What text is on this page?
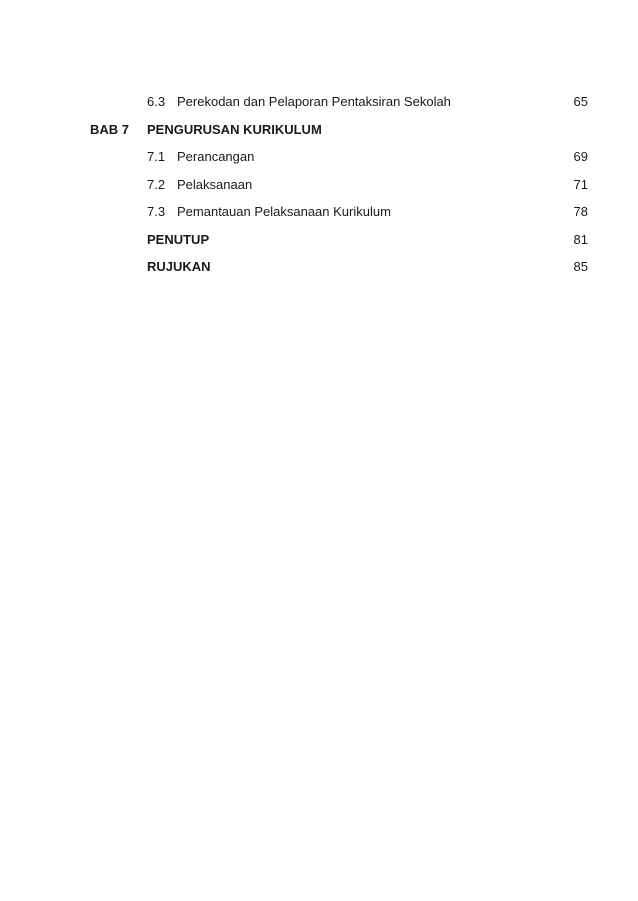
6.3 Perekodan dan Pelaporan Pentaksiran Sekolah	65
BAB 7	PENGURUSAN KURIKULUM
7.1 Perancangan	69
7.2 Pelaksanaan	71
7.3 Pemantauan Pelaksanaan Kurikulum	78
PENUTUP	81
RUJUKAN	85
